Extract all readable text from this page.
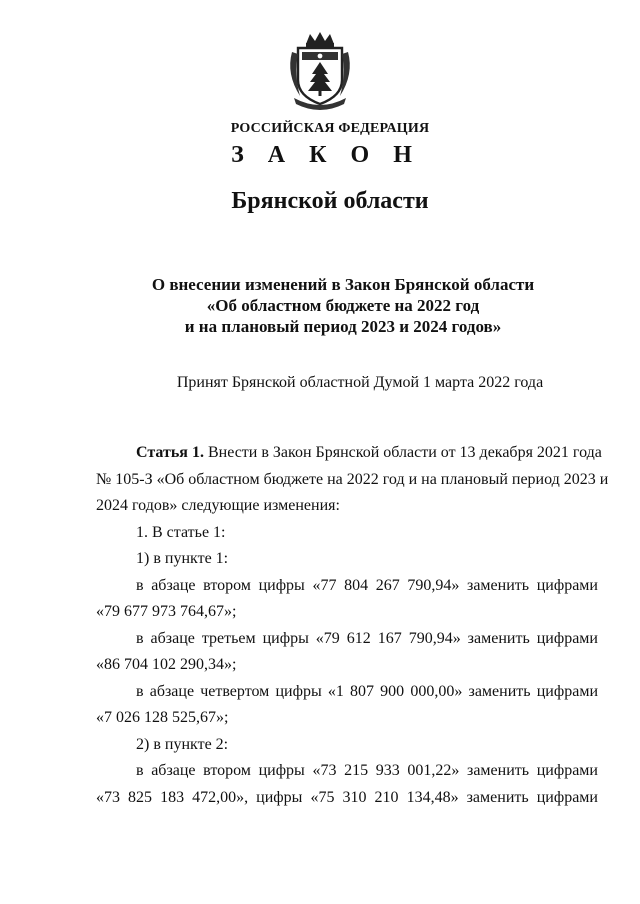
РОССИЙСКАЯ ФЕДЕРАЦИЯ
З А К О Н
Брянской области
О внесении изменений в Закон Брянской области
«Об областном бюджете на 2022 год
и на плановый период 2023 и 2024 годов»
Принят Брянской областной Думой 1 марта 2022 года
Статья 1. Внести в Закон Брянской области от 13 декабря 2021 года
№ 105-З «Об областном бюджете на 2022 год и на плановый период 2023 и
2024 годов» следующие изменения:
1. В статье 1:
1) в пункте 1:
в абзаце втором цифры «77 804 267 790,94» заменить цифрами
«79 677 973 764,67»;
в абзаце третьем цифры «79 612 167 790,94» заменить цифрами
«86 704 102 290,34»;
в абзаце четвертом цифры «1 807 900 000,00» заменить цифрами
«7 026 128 525,67»;
2) в пункте 2:
в абзаце втором цифры «73 215 933 001,22» заменить цифрами
«73 825 183 472,00», цифры «75 310 210 134,48» заменить цифрами
